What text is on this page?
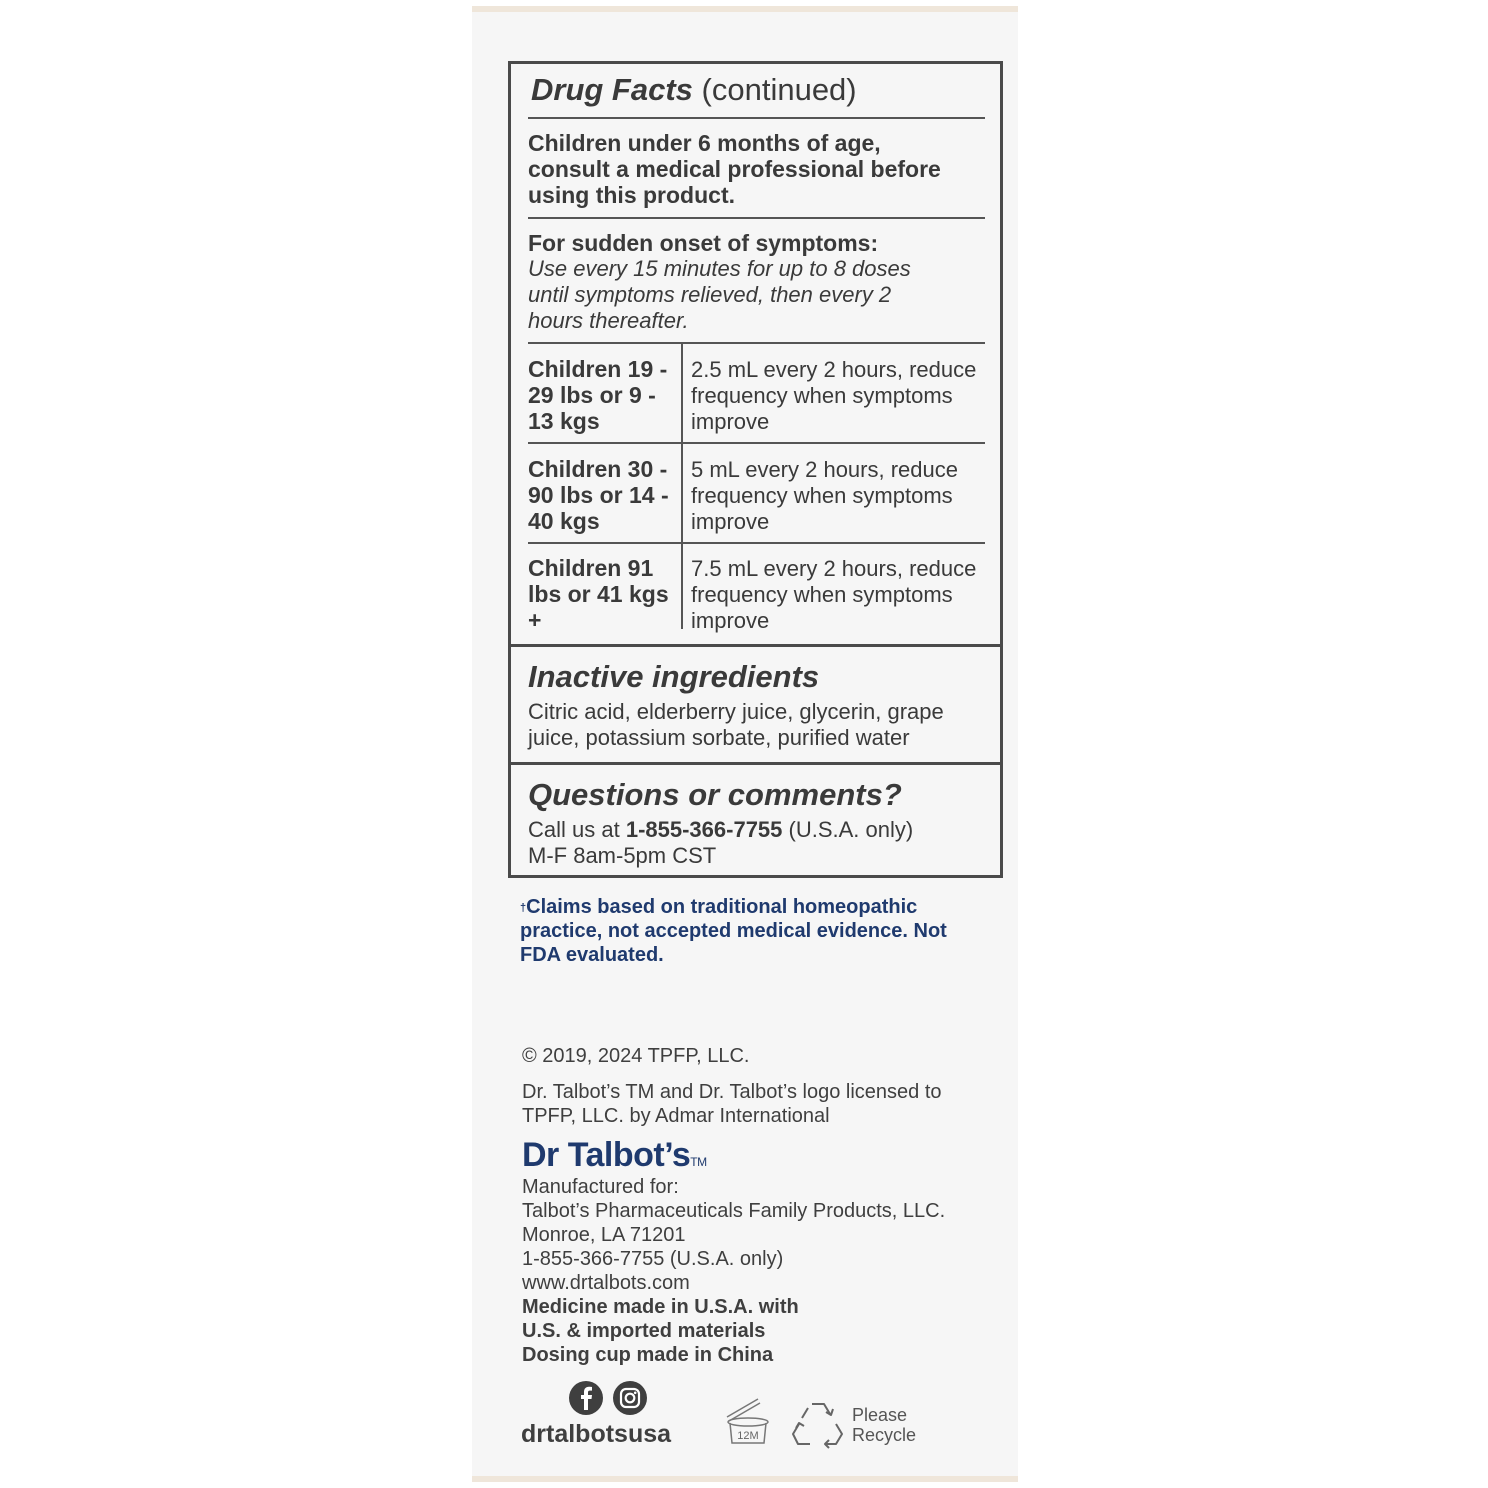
Drug Facts (continued)
Children under 6 months of age, consult a medical professional before using this product.
For sudden onset of symptoms:
Use every 15 minutes for up to 8 doses until symptoms relieved, then every 2 hours thereafter.
Children 19 - 29 lbs or 9 - 13 kgs
2.5 mL every 2 hours, reduce frequency when symptoms improve
Children 30 - 90 lbs or 14 - 40 kgs
5 mL every 2 hours, reduce frequency when symptoms improve
Children 91 lbs or 41 kgs +
7.5 mL every 2 hours, reduce frequency when symptoms improve
Inactive ingredients
Citric acid, elderberry juice, glycerin, grape juice, potassium sorbate, purified water
Questions or comments?
Call us at 1-855-366-7755 (U.S.A. only)
M-F 8am-5pm CST
†Claims based on traditional homeopathic practice, not accepted medical evidence. Not FDA evaluated.
© 2019, 2024 TPFP, LLC.
Dr. Talbot’s TM and Dr. Talbot’s logo licensed to TPFP, LLC. by Admar International
Dr Talbot’sTM
Manufactured for:
Talbot’s Pharmaceuticals Family Products, LLC.
Monroe, LA 71201
1-855-366-7755 (U.S.A. only)
www.drtalbots.com
Medicine made in U.S.A. with
U.S. & imported materials
Dosing cup made in China
drtalbotsusa	12M
Please
Recycle
